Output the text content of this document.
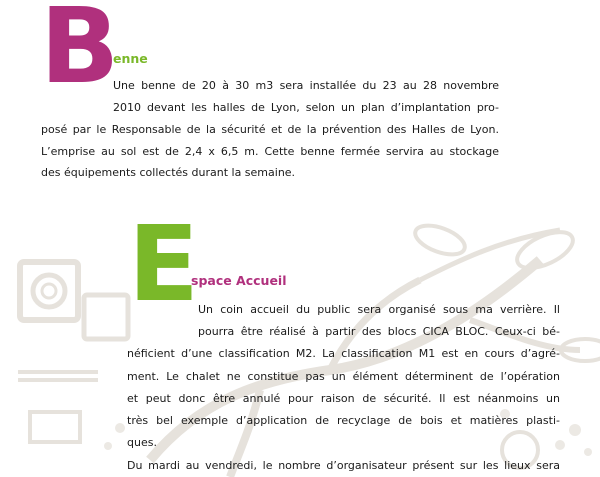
B
enne
Une benne de 20 à 30 m3 sera installée du 23 au 28 novembre
2010 devant les halles de Lyon, selon un plan d’implantation pro-
posé par le Responsable de la sécurité et de la prévention des Halles de Lyon.
L’emprise au sol est de 2,4 x 6,5 m. Cette benne fermée servira au stockage
des équipements collectés durant la semaine.
E
space Accueil
Un coin accueil du public sera organisé sous ma verrière. Il
pourra être réalisé à partir des blocs CICA BLOC. Ceux-ci bé-
néficient d’une classification M2. La classification M1 est en cours d’agré-
ment. Le chalet ne constitue pas un élément déterminent de l’opération
et peut donc être annulé pour raison de sécurité. Il est néanmoins un
très bel exemple d’application de recyclage de bois et matières plasti-
ques.
Du mardi au vendredi, le nombre d’organisateur présent sur les lieux sera
